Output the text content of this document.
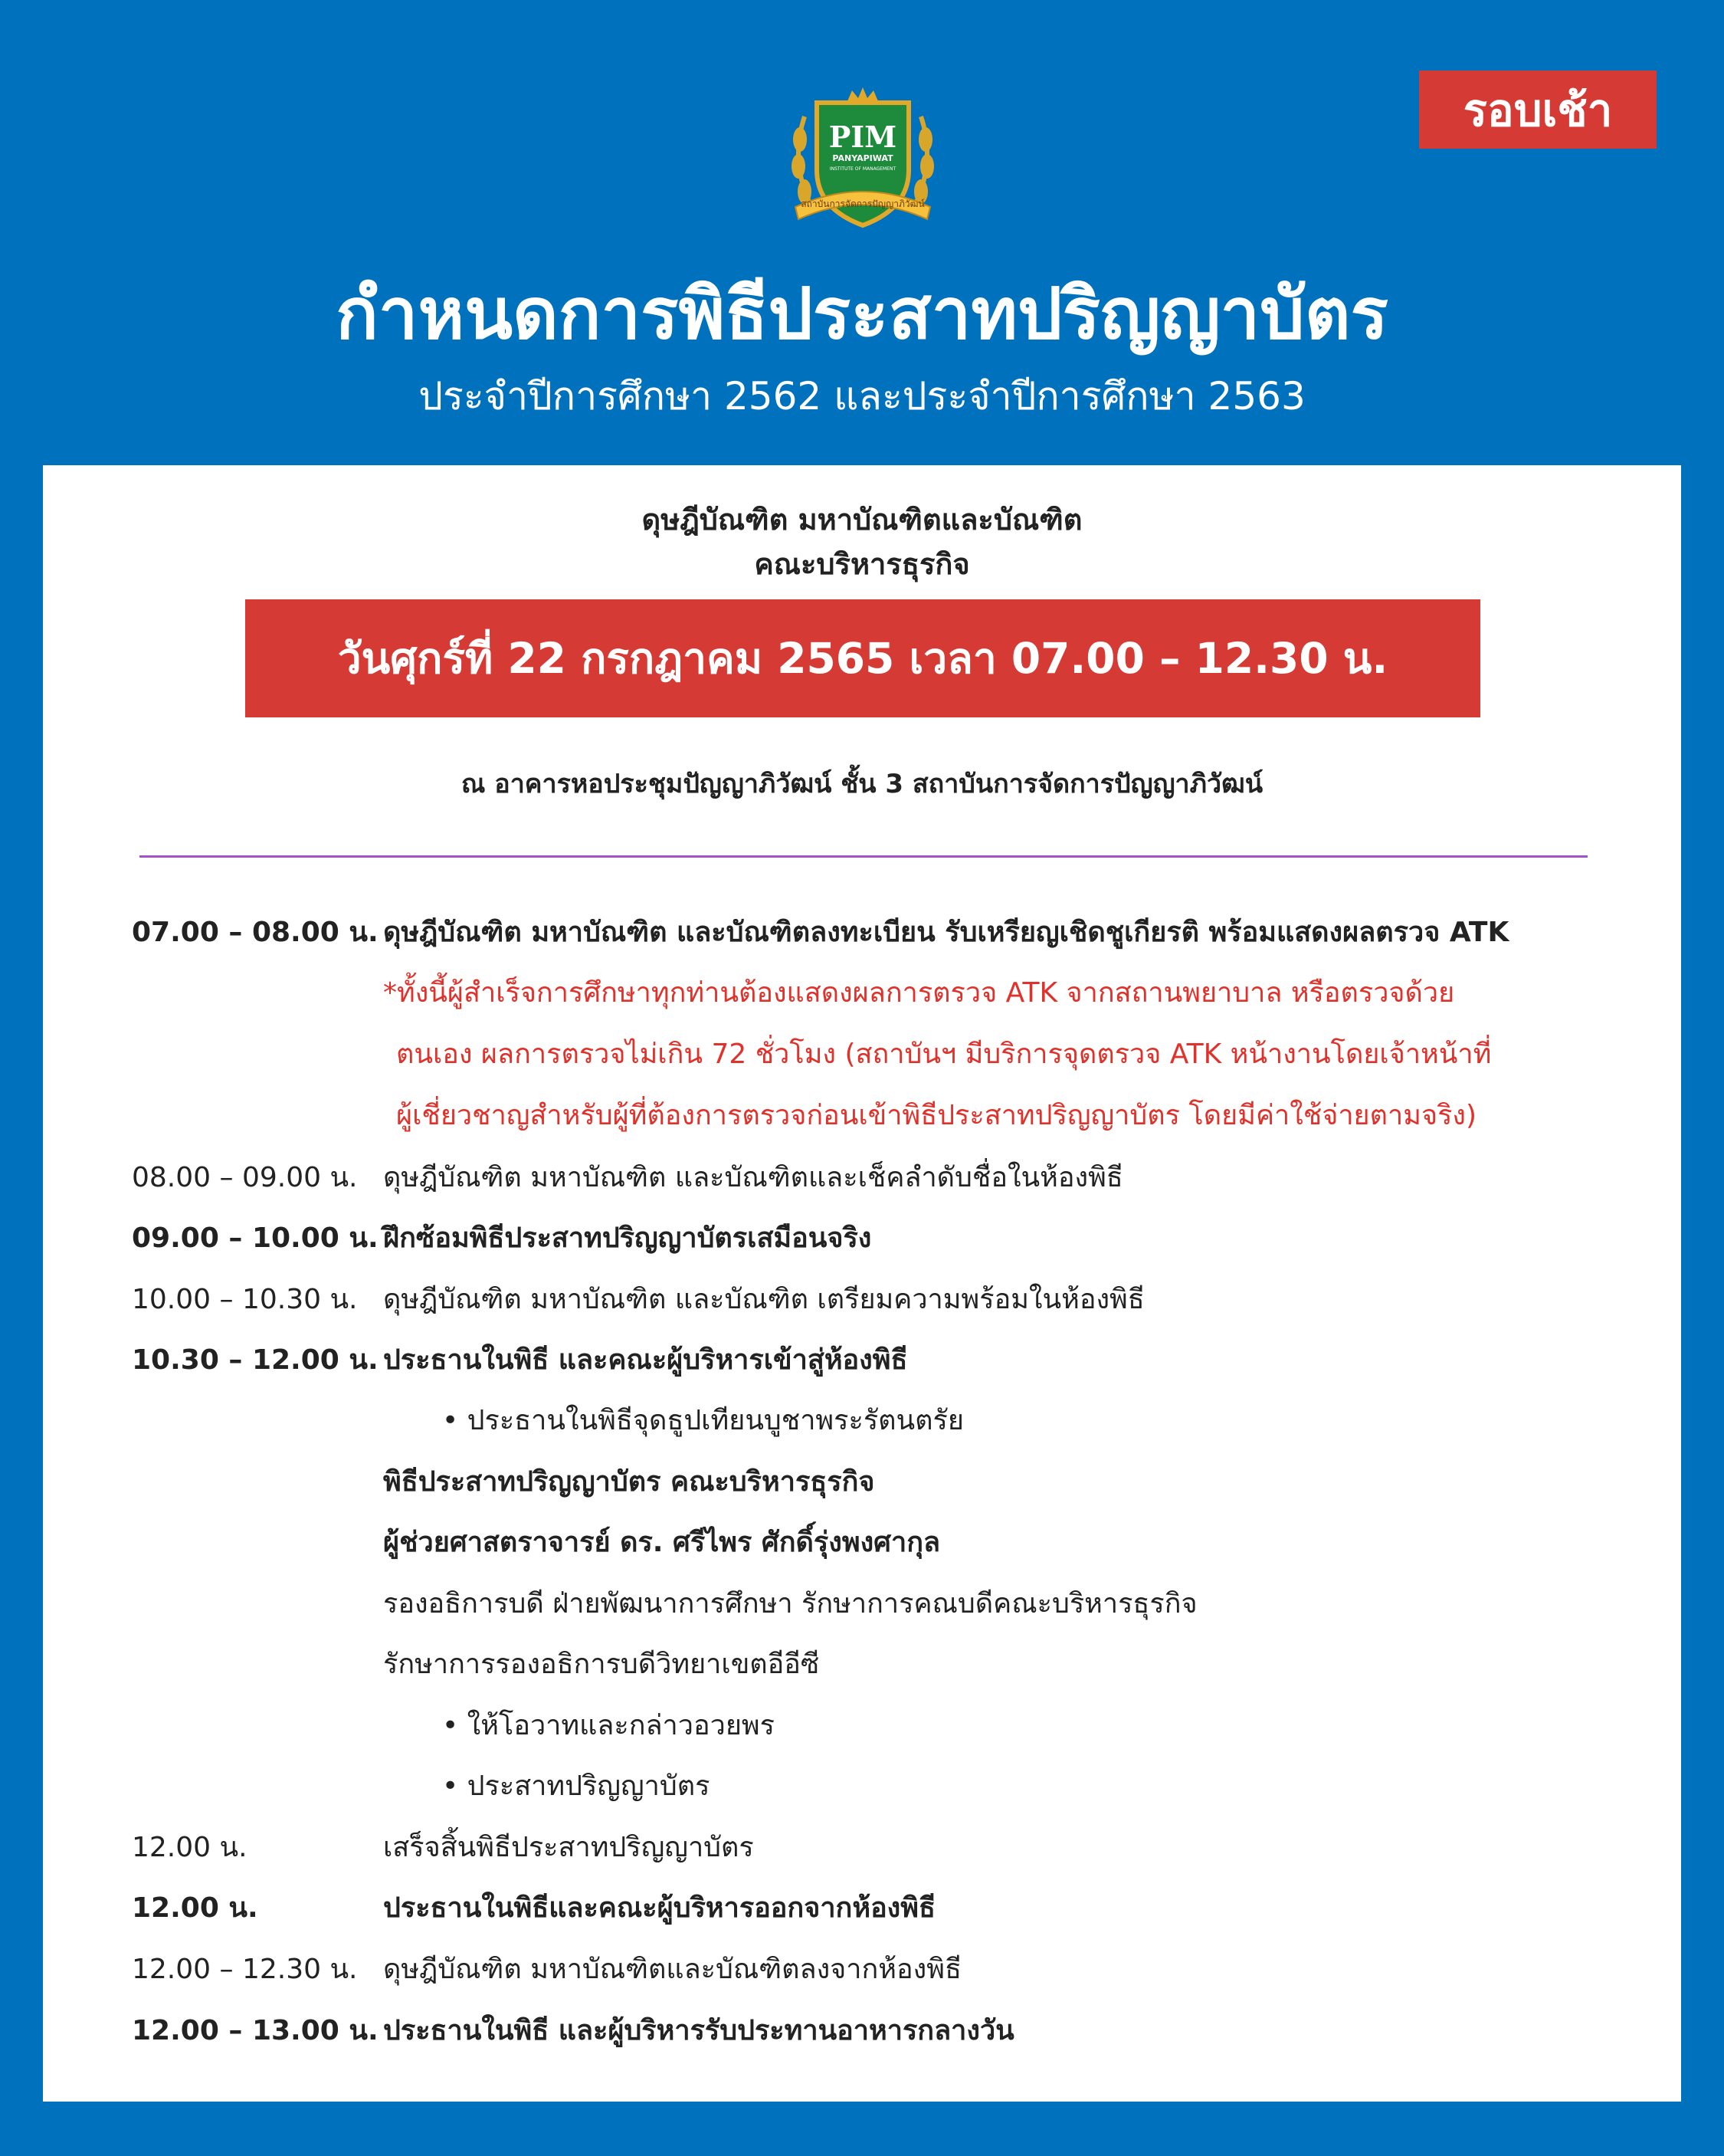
รอบเช้า
PIM
PANYAPIWAT
INSTITUTE OF MANAGEMENT
สถาบันการจัดการปัญญาภิวัฒน์
กำหนดการพิธีประสาทปริญญาบัตร
ประจำปีการศึกษา 2562 และประจำปีการศึกษา 2563
ดุษฎีบัณฑิต มหาบัณฑิตและบัณฑิต
คณะบริหารธุรกิจ
วันศุกร์ที่ 22 กรกฎาคม 2565 เวลา 07.00 – 12.30 น.
ณ อาคารหอประชุมปัญญาภิวัฒน์ ชั้น 3 สถาบันการจัดการปัญญาภิวัฒน์
07.00 – 08.00 น. ดุษฎีบัณฑิต มหาบัณฑิต และบัณฑิตลงทะเบียน รับเหรียญเชิดชูเกียรติ พร้อมแสดงผลตรวจ ATK
*ทั้งนี้ผู้สำเร็จการศึกษาทุกท่านต้องแสดงผลการตรวจ ATK จากสถานพยาบาล หรือตรวจด้วย
ตนเอง ผลการตรวจไม่เกิน 72 ชั่วโมง (สถาบันฯ มีบริการจุดตรวจ ATK หน้างานโดยเจ้าหน้าที่
ผู้เชี่ยวชาญสำหรับผู้ที่ต้องการตรวจก่อนเข้าพิธีประสาทปริญญาบัตร โดยมีค่าใช้จ่ายตามจริง)
08.00 – 09.00 น. ดุษฎีบัณฑิต มหาบัณฑิต และบัณฑิตและเช็คลำดับชื่อในห้องพิธี
09.00 – 10.00 น. ฝึกซ้อมพิธีประสาทปริญญาบัตรเสมือนจริง
10.00 – 10.30 น. ดุษฎีบัณฑิต มหาบัณฑิต และบัณฑิต เตรียมความพร้อมในห้องพิธี
10.30 – 12.00 น. ประธานในพิธี และคณะผู้บริหารเข้าสู่ห้องพิธี
• ประธานในพิธีจุดธูปเทียนบูชาพระรัตนตรัย
พิธีประสาทปริญญาบัตร คณะบริหารธุรกิจ
ผู้ช่วยศาสตราจารย์ ดร. ศรีไพร ศักดิ์รุ่งพงศากุล
รองอธิการบดี ฝ่ายพัฒนาการศึกษา รักษาการคณบดีคณะบริหารธุรกิจ
รักษาการรองอธิการบดีวิทยาเขตอีอีซี
• ให้โอวาทและกล่าวอวยพร
• ประสาทปริญญาบัตร
12.00 น.	เสร็จสิ้นพิธีประสาทปริญญาบัตร
12.00 น.	ประธานในพิธีและคณะผู้บริหารออกจากห้องพิธี
12.00 – 12.30 น. ดุษฎีบัณฑิต มหาบัณฑิตและบัณฑิตลงจากห้องพิธี
12.00 – 13.00 น. ประธานในพิธี และผู้บริหารรับประทานอาหารกลางวัน
